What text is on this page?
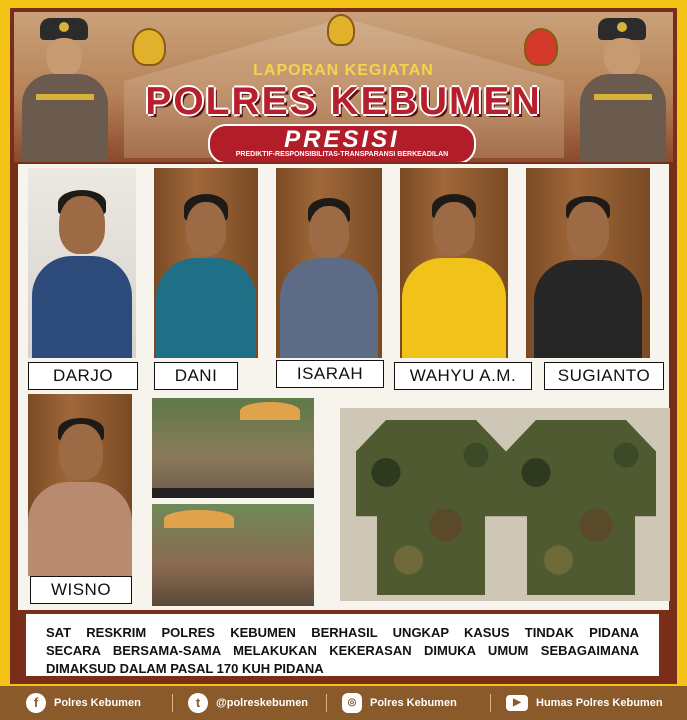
LAPORAN KEGIATAN
POLRES KEBUMEN
PRESISI
PREDIKTIF-RESPONSIBILITAS-TRANSPARANSI BERKEADILAN
DARJO	DANI	ISARAH	WAHYU A.M.	SUGIANTO
WISNO

SAT RESKRIM POLRES KEBUMEN BERHASIL UNGKAP KASUS TINDAK PIDANA

SECARA BERSAMA-SAMA MELAKUKAN KEKERASAN DIMUKA UMUM SEBAGAIMANA

DIMAKSUD DALAM PASAL 170 KUH PIDANA

f	Polres Kebumen	t	@polreskebumen	◎	Polres Kebumen	▶	Humas Polres Kebumen
